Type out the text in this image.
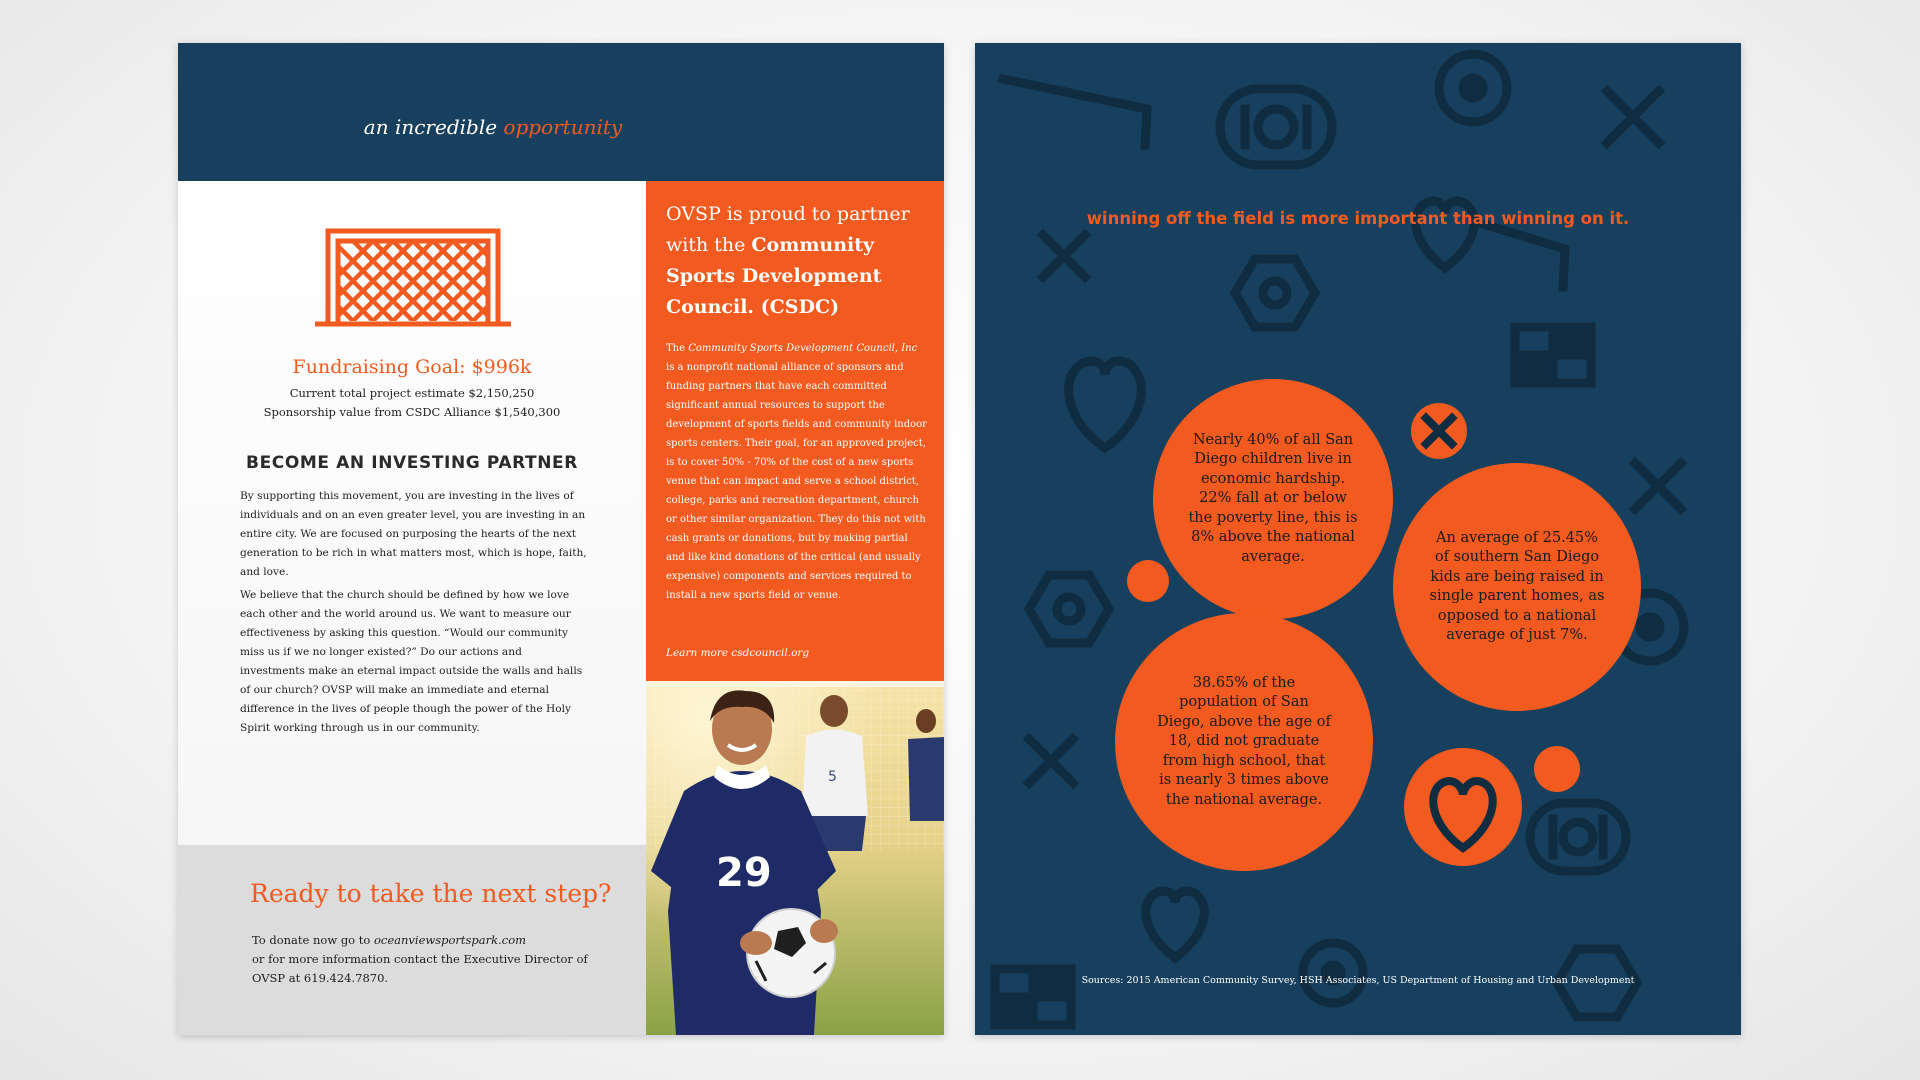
an incredible opportunity
Fundraising Goal: $996k
Current total project estimate $2,150,250
Sponsorship value from CSDC Alliance $1,540,300
BECOME AN INVESTING PARTNER

By supporting this movement, you are investing in the lives of individuals and on an even greater level, you are investing in an entire city. We are focused on purposing the hearts of the next generation to be rich in what matters most, which is hope, faith, and love.

We believe that the church should be defined by how we love each other and the world around us. We want to measure our effectiveness by asking this question. “Would our community miss us if we no longer existed?” Do our actions and investments make an eternal impact outside the walls and halls of our church? OVSP will make an immediate and eternal difference in the lives of people though the power of the Holy Spirit working through us in our community.

Ready to take the next step?
To donate now go to oceanviewsportspark.com
or for more information contact the Executive Director of OVSP at 619.424.7870.
OVSP is proud to partner with the Community Sports Development Council. (CSDC)
The Community Sports Development Council, Inc is a nonprofit national alliance of sponsors and funding partners that have each committed significant annual resources to support the development of sports fields and community indoor sports centers. Their goal, for an approved project, is to cover 50% - 70% of the cost of a new sports venue that can impact and serve a school district, college, parks and recreation department, church or other similar organization. They do this not with cash grants or donations, but by making partial and like kind donations of the critical (and usually expensive) components and services required to install a new sports field or venue.
Learn more csdcouncil.org
5
29
winning off the field is more important than winning on it.
Nearly 40% of all San Diego children live in economic hardship. 22% fall at or below the poverty line, this is 8% above the national average.
An average of 25.45% of southern San Diego kids are being raised in single parent homes, as opposed to a national average of just 7%.
38.65% of the population of San Diego, above the age of 18, did not graduate from high school, that is nearly 3 times above the national average.
Sources: 2015 American Community Survey, HSH Associates, US Department of Housing and Urban Development
